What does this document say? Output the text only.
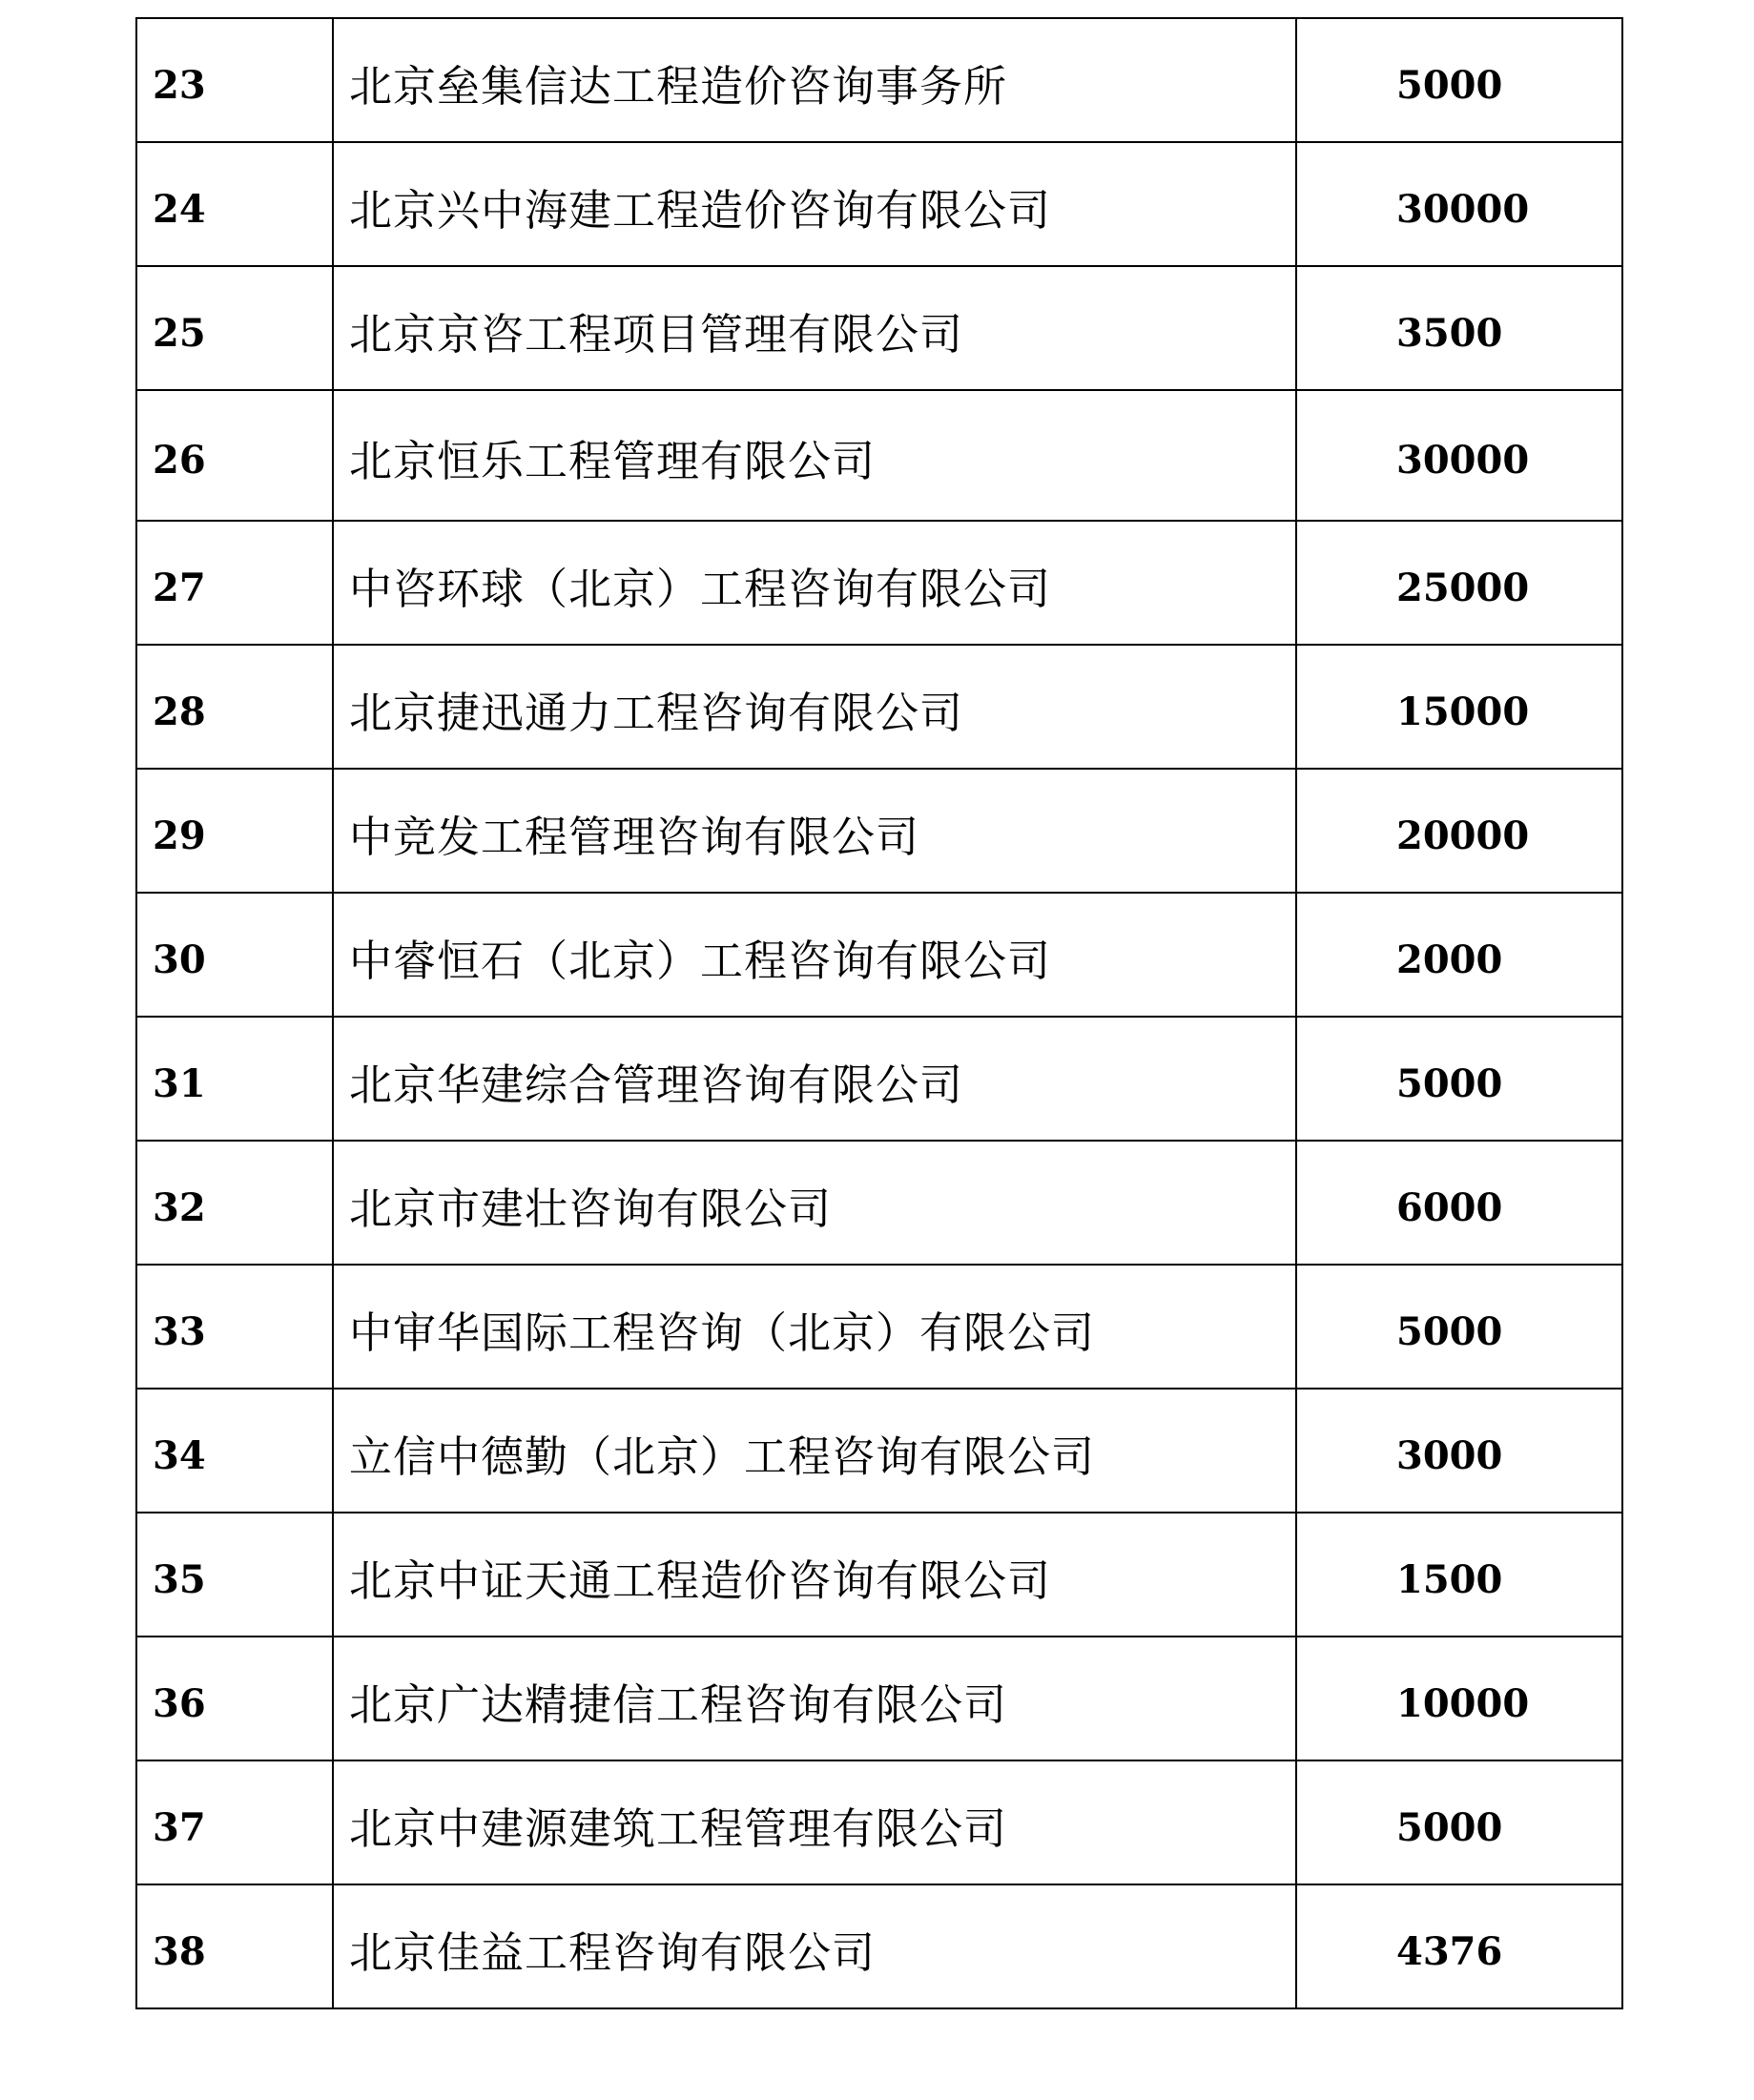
23	北京垒集信达工程造价咨询事务所	5000
24	北京兴中海建工程造价咨询有限公司	30000
25	北京京咨工程项目管理有限公司	3500
26	北京恒乐工程管理有限公司	30000
27	中咨环球（北京）工程咨询有限公司	25000
28	北京捷迅通力工程咨询有限公司	15000
29	中竞发工程管理咨询有限公司	20000
30	中睿恒石（北京）工程咨询有限公司	2000
31	北京华建综合管理咨询有限公司	5000
32	北京市建壮咨询有限公司	6000
33	中审华国际工程咨询（北京）有限公司	5000
34	立信中德勤（北京）工程咨询有限公司	3000
35	北京中证天通工程造价咨询有限公司	1500
36	北京广达精捷信工程咨询有限公司	10000
37	北京中建源建筑工程管理有限公司	5000
38	北京佳益工程咨询有限公司	4376
